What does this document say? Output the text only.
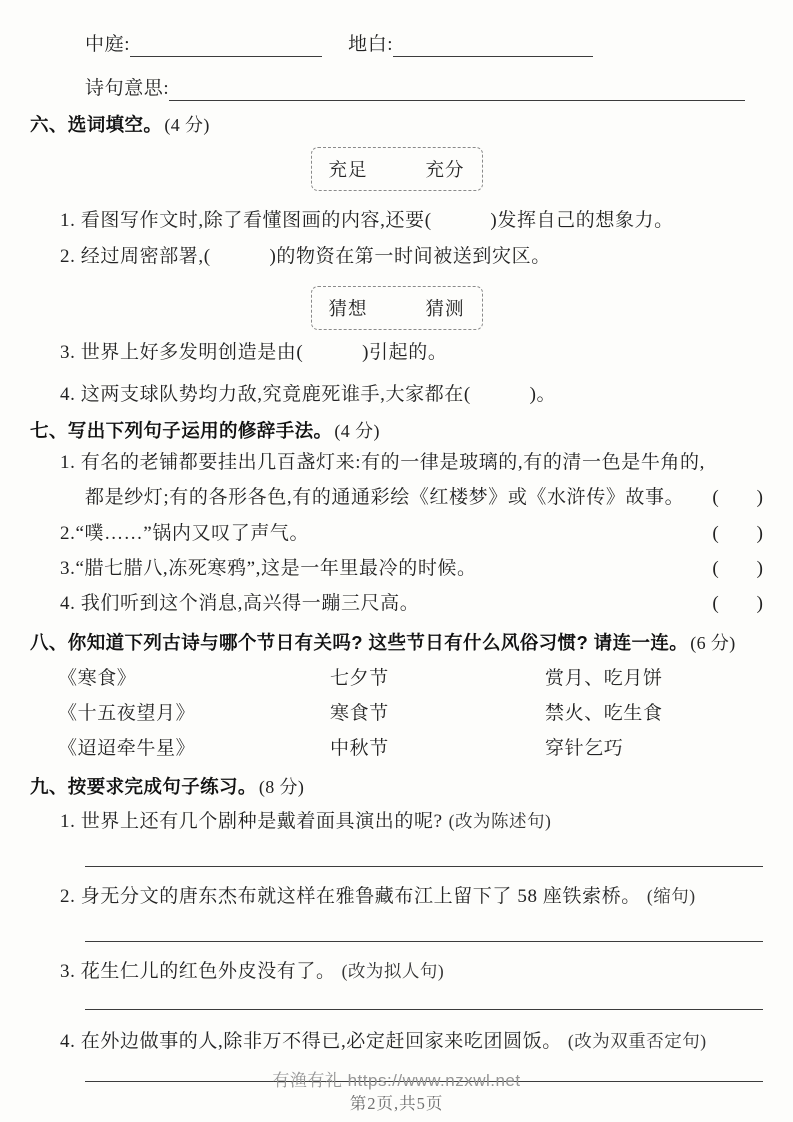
中庭:	地白:
诗句意思:
六、选词填空。 (4 分)
充足	充分
1. 看图写作文时,除了看懂图画的内容,还要(　　　)发挥自己的想象力。
2. 经过周密部署,(　　　)的物资在第一时间被送到灾区。
猜想	猜测
3. 世界上好多发明创造是由(　　　)引起的。
4. 这两支球队势均力敌,究竟鹿死谁手,大家都在(　　　)。
七、写出下列句子运用的修辞手法。 (4 分)
1. 有名的老铺都要挂出几百盏灯来:有的一律是玻璃的,有的清一色是牛角的,
都是纱灯;有的各形各色,有的通通彩绘《红楼梦》或《水浒传》故事。 (　　)
2.“噗……”锅内又叹了声气。	(　　)
3.“腊七腊八,冻死寒鸦”,这是一年里最冷的时候。	(　　)
4. 我们听到这个消息,高兴得一蹦三尺高。	(　　)
八、你知道下列古诗与哪个节日有关吗? 这些节日有什么风俗习惯? 请连一连。 (6 分)
《寒食》	七夕节	赏月、吃月饼
《十五夜望月》	寒食节	禁火、吃生食
《迢迢牵牛星》	中秋节	穿针乞巧
九、按要求完成句子练习。 (8 分)
1. 世界上还有几个剧种是戴着面具演出的呢? (改为陈述句)
2. 身无分文的唐东杰布就这样在雅鲁藏布江上留下了 58 座铁索桥。 (缩句)
3. 花生仁儿的红色外皮没有了。 (改为拟人句)
4. 在外边做事的人,除非万不得已,必定赶回家来吃团圆饭。 (改为双重否定句)
有渔有礼 https://www.nzxwl.net
第2页,共5页
